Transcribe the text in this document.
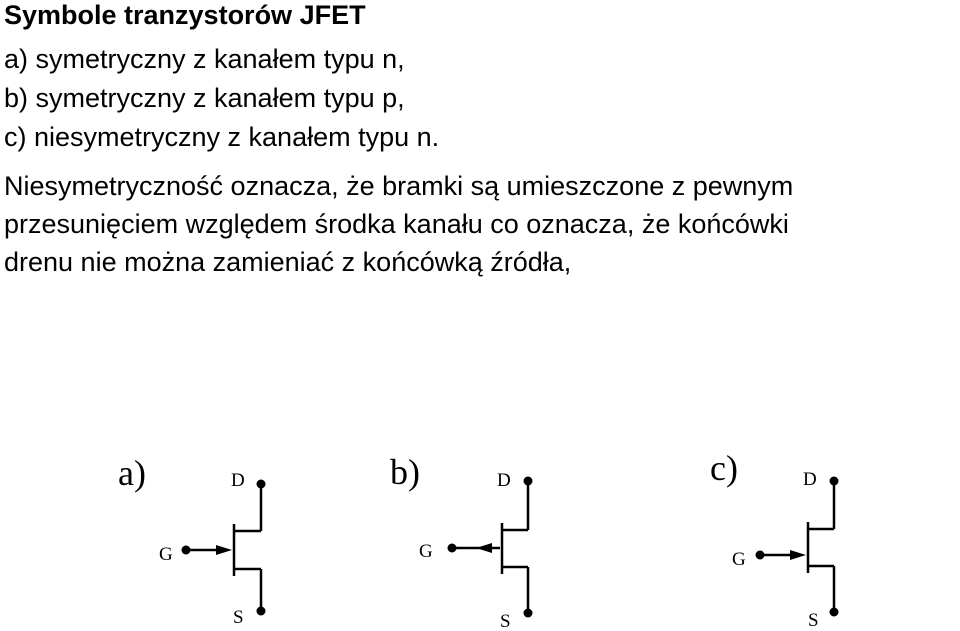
Symbole tranzystorów JFET
a) symetryczny z kanałem typu n,
b) symetryczny z kanałem typu p,
c) niesymetryczny z kanałem typu n.

Niesymetryczność oznacza, że bramki są umieszczone z pewnym
przesunięciem względem środka kanału co oznacza, że końcówki
drenu nie można zamieniać z końcówką źródła,

a)	D
G
S
b)	D
G
S
c)	D
G
S
